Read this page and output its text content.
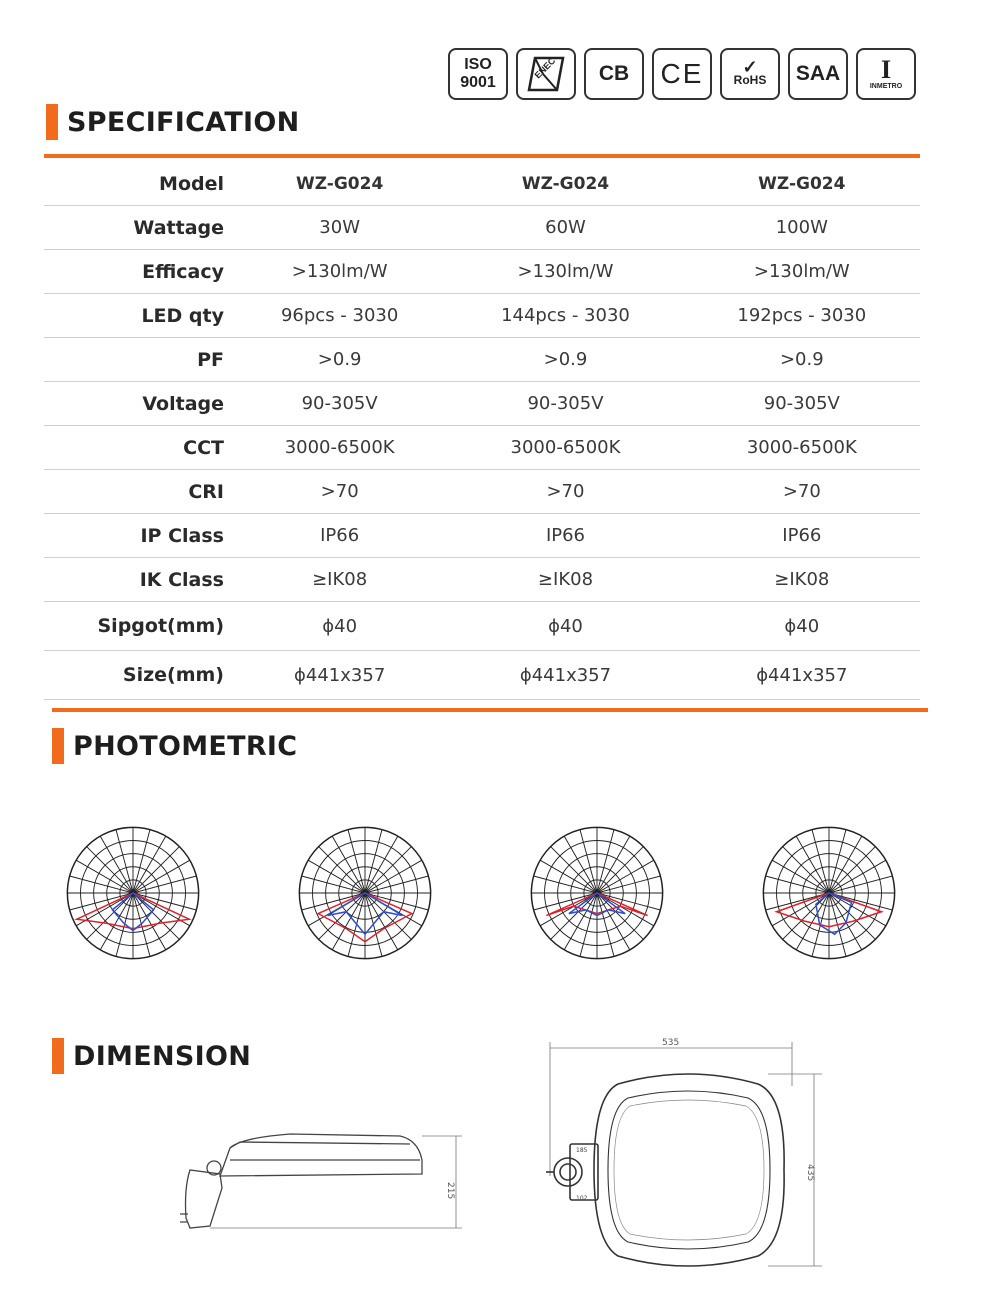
ISO
9001
ENEC CB CE ✓
RoHS SAA I
INMETRO
SPECIFICATION
Model	WZ-G024	WZ-G024	WZ-G024
Wattage	30W	60W	100W
Efficacy	>130lm/W	>130lm/W	>130lm/W
LED qty	96pcs - 3030	144pcs - 3030	192pcs - 3030
PF	>0.9	>0.9	>0.9
Voltage	90-305V	90-305V	90-305V
CCT	3000-6500K	3000-6500K	3000-6500K
CRI	>70	>70	>70
IP Class	IP66	IP66	IP66
IK Class	≥IK08	≥IK08	≥IK08
Sipgot(mm)	ϕ40	ϕ40	ϕ40
Size(mm)	ϕ441x357	ϕ441x357	ϕ441x357
PHOTOMETRIC
DIMENSION
215
535
435
185
102
